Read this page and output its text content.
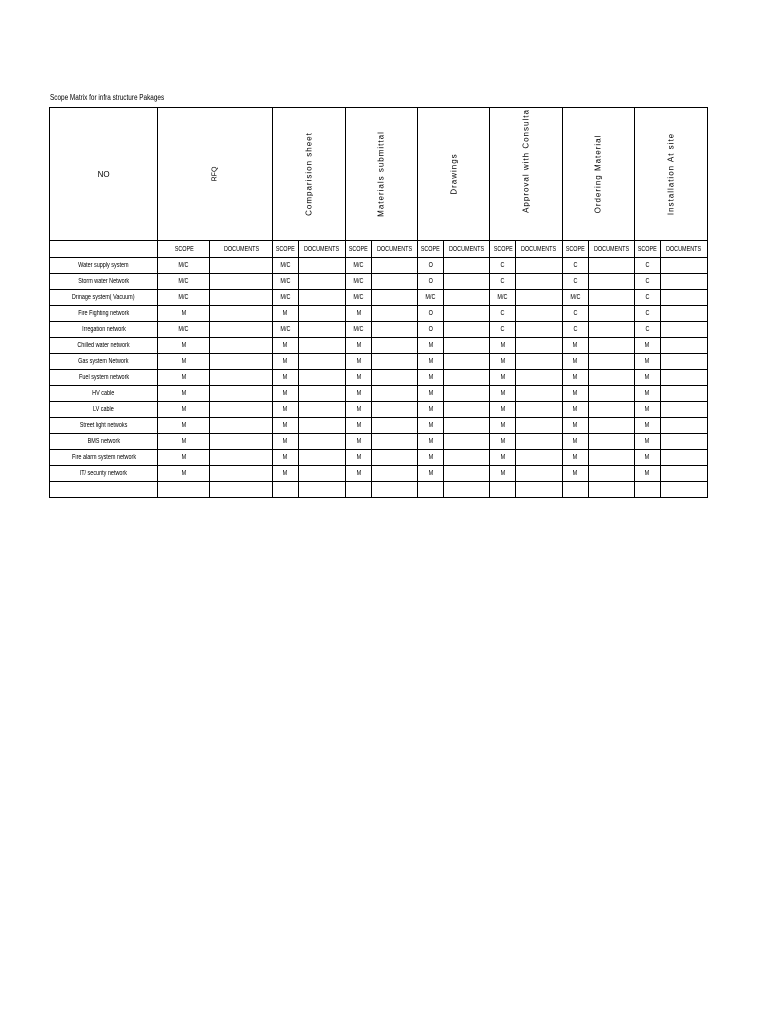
Scope Matrix for infra structure Pakages
NO	RFQ		Comparision sheet		Materials submittal		Drawings		Approval with Consulta		Ordering Material		Installation At site	

	SCOPE	DOCUMENTS	SCOPE	DOCUMENTS	SCOPE	DOCUMENTS	SCOPE	DOCUMENTS	SCOPE	DOCUMENTS	SCOPE	DOCUMENTS	SCOPE	DOCUMENTS
Water supply system	M/C		M/C		M/C		O		C		C		C	
Storm water Network	M/C		M/C		M/C		O		C		C		C	
Drinage system( Vacuum)	M/C		M/C		M/C		M/C		M/C		M/C		C	
Fire Fighting network	M		M		M		O		C		C		C	
Irregation network	M/C		M/C		M/C		O		C		C		C	
Chilled water network	M		M		M		M		M		M		M	
Gas system Network	M		M		M		M		M		M		M	
Fuel system network	M		M		M		M		M		M		M	
HV cable	M		M		M		M		M		M		M	
LV cable	M		M		M		M		M		M		M	
Street light netwoks	M		M		M		M		M		M		M	
BMS network	M		M		M		M		M		M		M	
Fire alarm system network	M		M		M		M		M		M		M	
IT/ security network	M		M		M		M		M		M		M	
